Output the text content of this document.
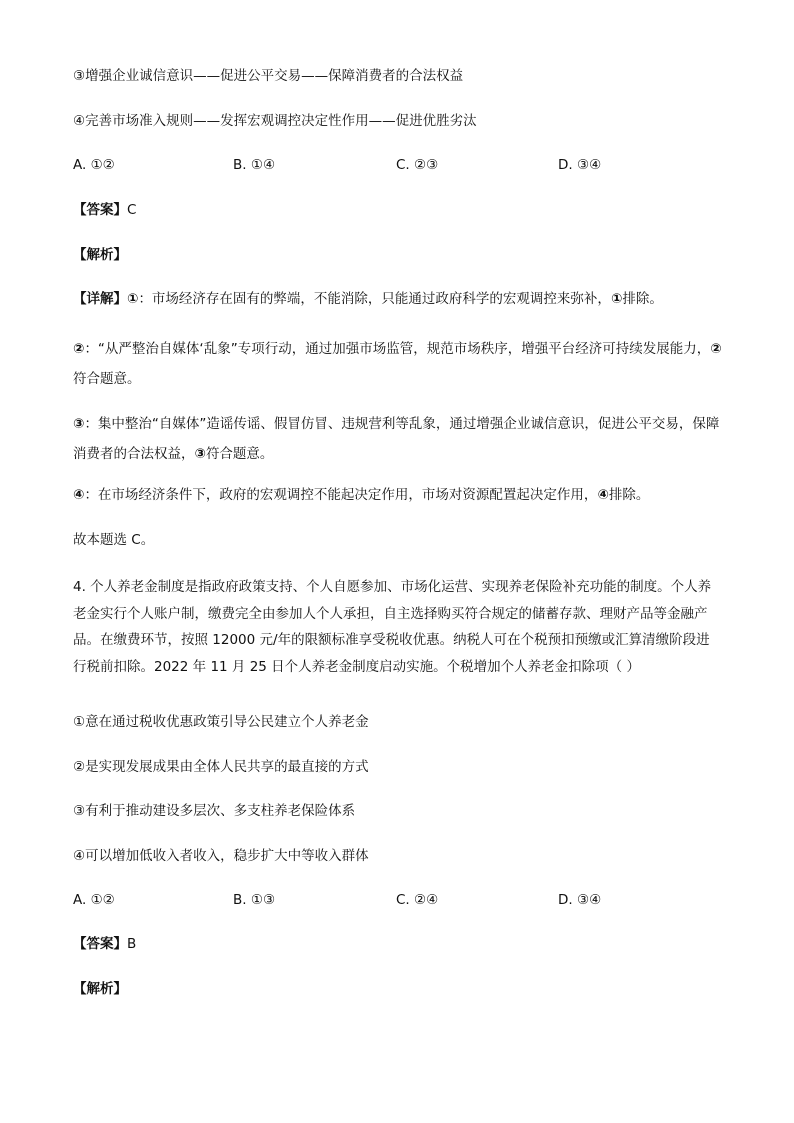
③增强企业诚信意识——促进公平交易——保障消费者的合法权益
④完善市场准入规则——发挥宏观调控决定性作用——促进优胜劣汰
A. ①②	B. ①④	C. ②③	D. ③④
【答案】C
【解析】
【详解】①：市场经济存在固有的弊端，不能消除，只能通过政府科学的宏观调控来弥补，①排除。
②：“从严整治自媒体‘乱象”专项行动，通过加强市场监管，规范市场秩序，增强平台经济可持续发展能力，②符合题意。
③：集中整治“自媒体”造谣传谣、假冒仿冒、违规营利等乱象，通过增强企业诚信意识，促进公平交易，保障消费者的合法权益，③符合题意。
④：在市场经济条件下，政府的宏观调控不能起决定作用，市场对资源配置起决定作用，④排除。
故本题选 C。
4. 个人养老金制度是指政府政策支持、个人自愿参加、市场化运营、实现养老保险补充功能的制度。个人养老金实行个人账户制，缴费完全由参加人个人承担，自主选择购买符合规定的储蓄存款、理财产品等金融产品。在缴费环节，按照 12000 元/年的限额标准享受税收优惠。纳税人可在个税预扣预缴或汇算清缴阶段进行税前扣除。2022 年 11 月 25 日个人养老金制度启动实施。个税增加个人养老金扣除项（ ）
①意在通过税收优惠政策引导公民建立个人养老金
②是实现发展成果由全体人民共享的最直接的方式
③有利于推动建设多层次、多支柱养老保险体系
④可以增加低收入者收入，稳步扩大中等收入群体
A. ①②	B. ①③	C. ②④	D. ③④
【答案】B
【解析】
